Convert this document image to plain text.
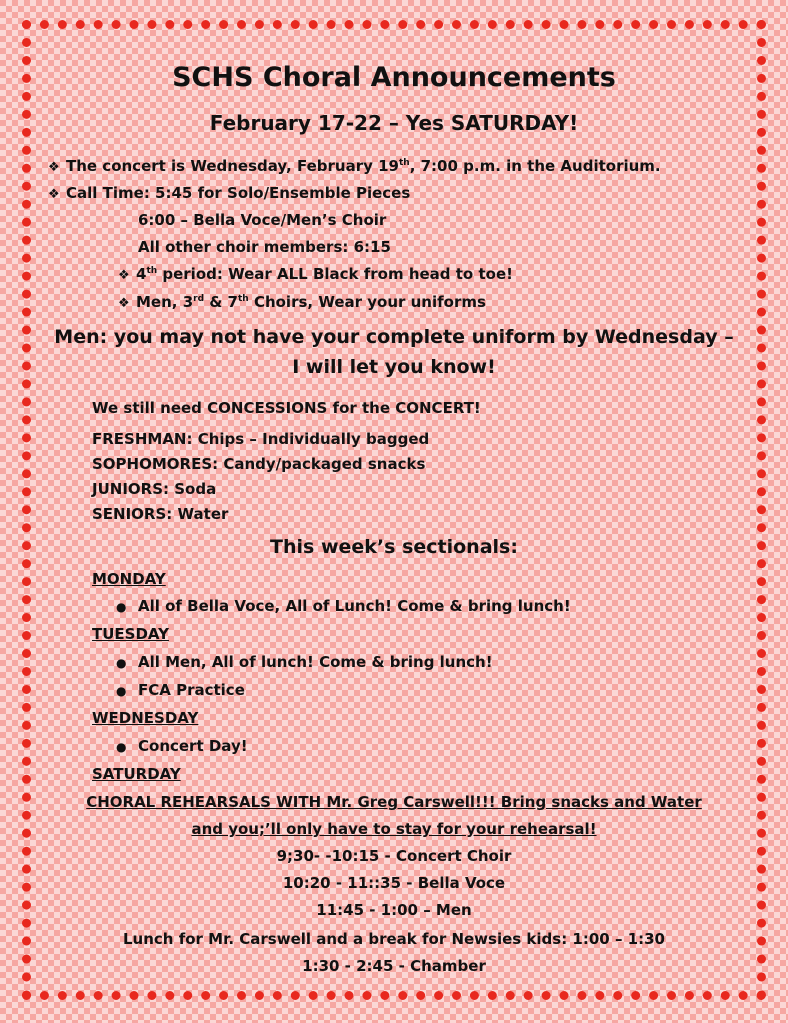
SCHS Choral Announcements
February 17-22 – Yes SATURDAY!
❖ The concert is Wednesday, February 19th, 7:00 p.m. in the Auditorium.
❖ Call Time: 5:45 for Solo/Ensemble Pieces
6:00 – Bella Voce/Men’s Choir
All other choir members: 6:15
❖ 4th period: Wear ALL Black from head to toe!
❖ Men, 3rd & 7th Choirs, Wear your uniforms
Men: you may not have your complete uniform by Wednesday –
I will let you know!
We still need CONCESSIONS for the CONCERT!
FRESHMAN: Chips – Individually bagged
SOPHOMORES: Candy/packaged snacks
JUNIORS: Soda
SENIORS: Water
This week’s sectionals:
MONDAY
● All of Bella Voce, All of Lunch! Come & bring lunch!
TUESDAY
● All Men, All of lunch! Come & bring lunch!
● FCA Practice
WEDNESDAY
● Concert Day!
SATURDAY
CHORAL REHEARSALS WITH Mr. Greg Carswell!!! Bring snacks and Water
and you;’ll only have to stay for your rehearsal!
9;30- -10:15 - Concert Choir
10:20 - 11::35 - Bella Voce
11:45 - 1:00 – Men
Lunch for Mr. Carswell and a break for Newsies kids: 1:00 – 1:30
1:30 - 2:45 - Chamber
